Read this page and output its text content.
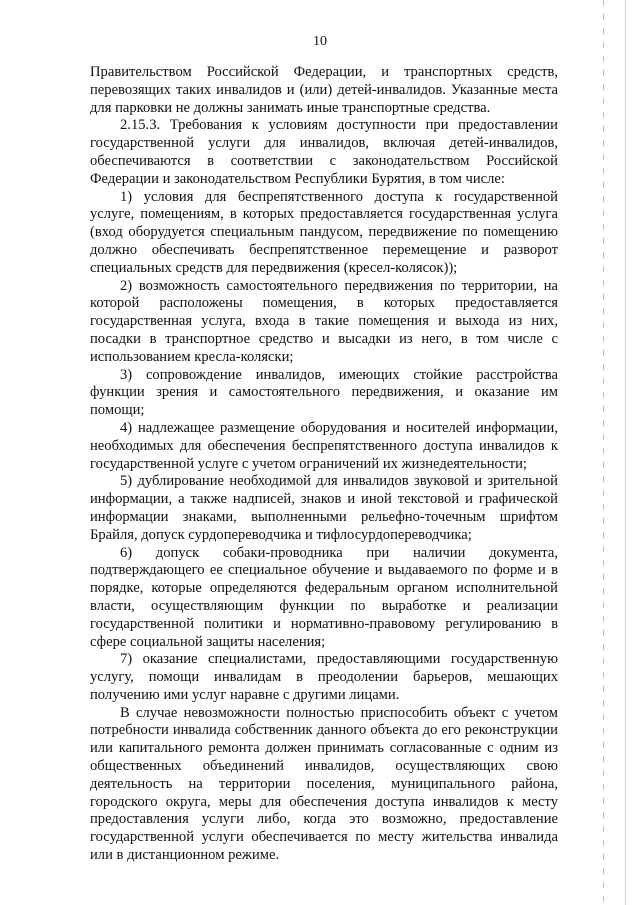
10

Правительством Российской Федерации, и транспортных средств, перевозящих таких инвалидов и (или) детей-инвалидов. Указанные места для парковки не должны занимать иные транспортные средства.

2.15.3. Требования к условиям доступности при предоставлении государственной услуги для инвалидов, включая детей-инвалидов, обеспечиваются в соответствии с законодательством Российской Федерации и законодательством Республики Бурятия, в том числе:

1) условия для беспрепятственного доступа к государственной услуге, помещениям, в которых предоставляется государственная услуга (вход оборудуется специальным пандусом, передвижение по помещению должно обеспечивать беспрепятственное перемещение и разворот специальных средств для передвижения (кресел-колясок));

2) возможность самостоятельного передвижения по территории, на которой расположены помещения, в которых предоставляется государственная услуга, входа в такие помещения и выхода из них, посадки в транспортное средство и высадки из него, в том числе с использованием кресла-коляски;

3) сопровождение инвалидов, имеющих стойкие расстройства функции зрения и самостоятельного передвижения, и оказание им помощи;

4) надлежащее размещение оборудования и носителей информации, необходимых для обеспечения беспрепятственного доступа инвалидов к государственной услуге с учетом ограничений их жизнедеятельности;

5) дублирование необходимой для инвалидов звуковой и зрительной информации, а также надписей, знаков и иной текстовой и графической информации знаками, выполненными рельефно-точечным шрифтом Брайля, допуск сурдопереводчика и тифлосурдопереводчика;

6) допуск собаки-проводника при наличии документа, подтверждающего ее специальное обучение и выдаваемого по форме и в порядке, которые определяются федеральным органом исполнительной власти, осуществляющим функции по выработке и реализации государственной политики и нормативно-правовому регулированию в сфере социальной защиты населения;

7) оказание специалистами, предоставляющими государственную услугу, помощи инвалидам в преодолении барьеров, мешающих получению ими услуг наравне с другими лицами.

В случае невозможности полностью приспособить объект с учетом потребности инвалида собственник данного объекта до его реконструкции или капитального ремонта должен принимать согласованные с одним из общественных объединений инвалидов, осуществляющих свою деятельность на территории поселения, муниципального района, городского округа, меры для обеспечения доступа инвалидов к месту предоставления услуги либо, когда это возможно, предоставление государственной услуги обеспечивается по месту жительства инвалида или в дистанционном режиме.
